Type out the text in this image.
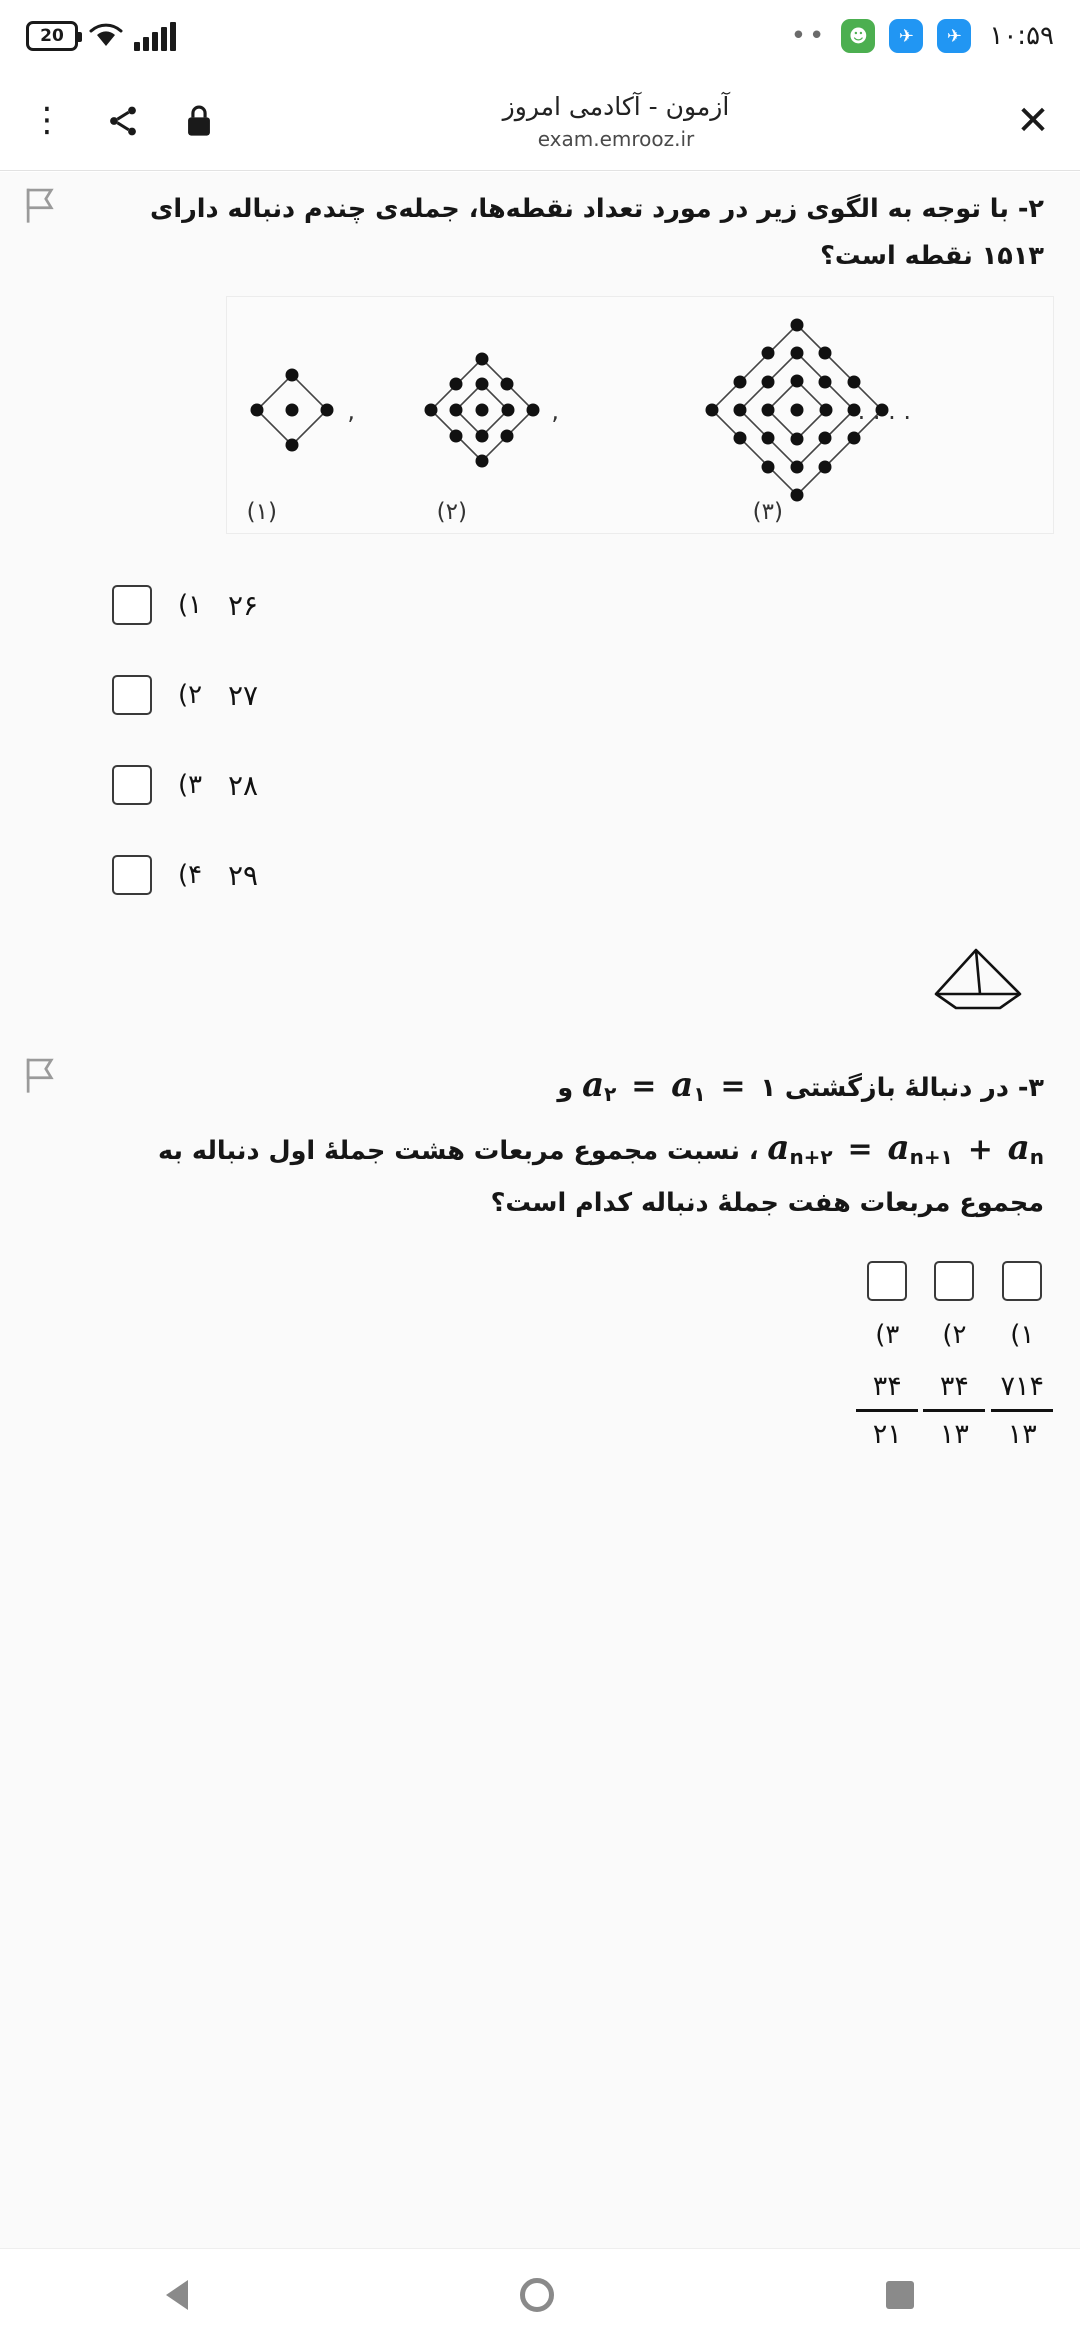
20	••	☻	✈	✈	۱۰:۵۹
⋮	آزمون - آکادمی امروز
exam.emrooz.ir	✕
۲- با توجه به الگوی زیر در مورد تعداد نقطه‌ها، جمله‌ی چندم دنباله دارای ۱۵۱۳ نقطه است؟
,	,	. . . .
(۱)	(۲)	(۳)
۱) ۲۶
۲) ۲۷
۳) ۲۸
۴) ۲۹
۳- در دنبالهٔ بازگشتی ۱ = a۲ = a۱ و
an+۲ = an+۱ + an ، نسبت مجموع مربعات هشت جملهٔ اول دنباله به مجموع مربعات هفت جملهٔ دنباله کدام است؟
۱)
$\frac{۷۱۴}{۱۳}$

۲)
$\frac{۳۴}{۱۳}$

۳)
$\frac{۳۴}{۲۱}$
